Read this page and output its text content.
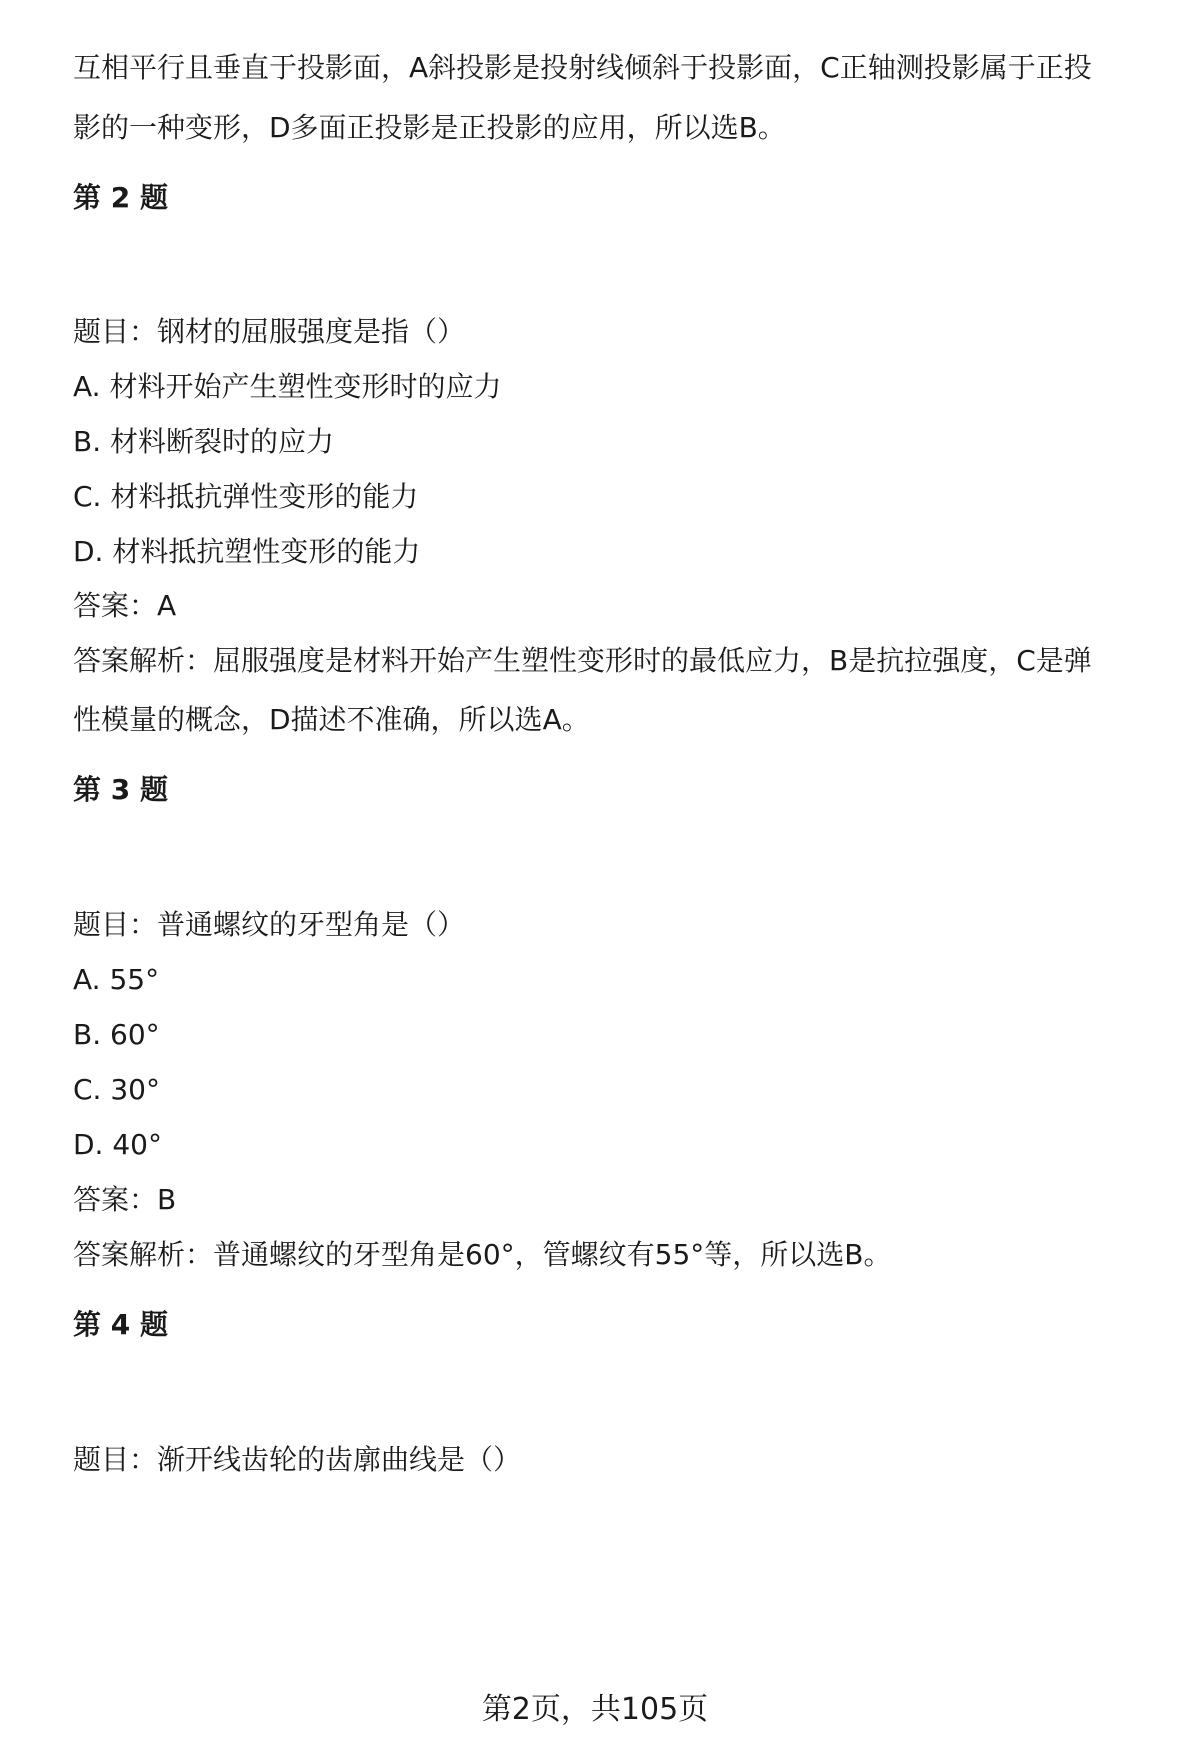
互相平行且垂直于投影面，A斜投影是投射线倾斜于投影面，C正轴测投影属于正投
影的一种变形，D多面正投影是正投影的应用，所以选B。
第 2 题
题目：钢材的屈服强度是指（）
A. 材料开始产生塑性变形时的应力
B. 材料断裂时的应力
C. 材料抵抗弹性变形的能力
D. 材料抵抗塑性变形的能力
答案：A
答案解析：屈服强度是材料开始产生塑性变形时的最低应力，B是抗拉强度，C是弹
性模量的概念，D描述不准确，所以选A。
第 3 题
题目：普通螺纹的牙型角是（）
A. 55°
B. 60°
C. 30°
D. 40°
答案：B
答案解析：普通螺纹的牙型角是60°，管螺纹有55°等，所以选B。
第 4 题
题目：渐开线齿轮的齿廓曲线是（）
第2页，共105页
